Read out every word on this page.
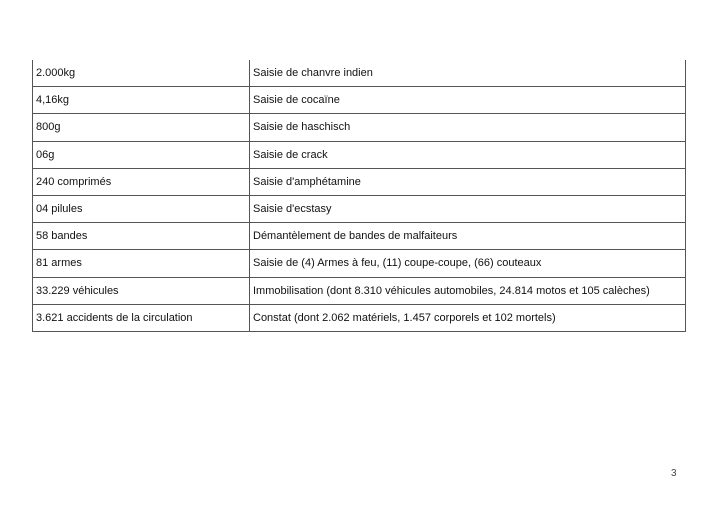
2.000kg	Saisie de chanvre indien
4,16kg	Saisie de cocaïne
800g	Saisie de haschisch
06g	Saisie de crack
240 comprimés	Saisie d'amphétamine
04 pilules	Saisie d'ecstasy
58 bandes	Démantèlement de bandes de malfaiteurs
81 armes	Saisie de (4) Armes à feu, (11) coupe-coupe, (66) couteaux
33.229 véhicules	Immobilisation (dont 8.310 véhicules automobiles, 24.814 motos et 105 calèches)
3.621 accidents de la circulation	Constat (dont 2.062 matériels, 1.457 corporels et 102 mortels)
3
